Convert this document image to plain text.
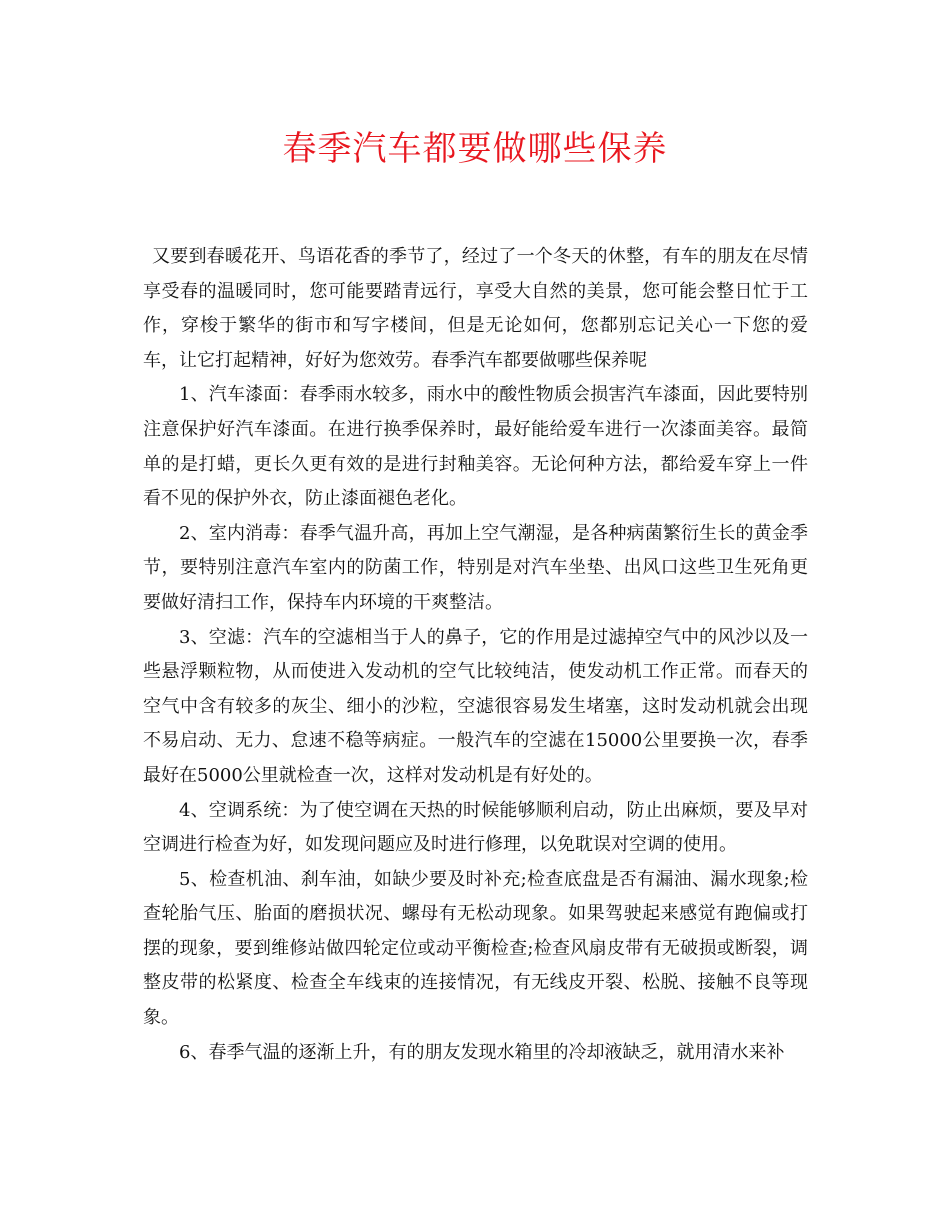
春季汽车都要做哪些保养

又要到春暖花开、鸟语花香的季节了，经过了一个冬天的休整，有车的朋友在尽情享受春的温暖同时，您可能要踏青远行，享受大自然的美景，您可能会整日忙于工作，穿梭于繁华的街市和写字楼间，但是无论如何，您都别忘记关心一下您的爱车，让它打起精神，好好为您效劳。春季汽车都要做哪些保养呢

1、汽车漆面：春季雨水较多，雨水中的酸性物质会损害汽车漆面，因此要特别注意保护好汽车漆面。在进行换季保养时，最好能给爱车进行一次漆面美容。最简单的是打蜡，更长久更有效的是进行封釉美容。无论何种方法，都给爱车穿上一件看不见的保护外衣，防止漆面褪色老化。

2、室内消毒：春季气温升高，再加上空气潮湿，是各种病菌繁衍生长的黄金季节，要特别注意汽车室内的防菌工作，特别是对汽车坐垫、出风口这些卫生死角更要做好清扫工作，保持车内环境的干爽整洁。

3、空滤：汽车的空滤相当于人的鼻子，它的作用是过滤掉空气中的风沙以及一些悬浮颗粒物，从而使进入发动机的空气比较纯洁，使发动机工作正常。而春天的空气中含有较多的灰尘、细小的沙粒，空滤很容易发生堵塞，这时发动机就会出现不易启动、无力、怠速不稳等病症。一般汽车的空滤在15000公里要换一次，春季最好在5000公里就检查一次，这样对发动机是有好处的。

4、空调系统：为了使空调在天热的时候能够顺利启动，防止出麻烦，要及早对空调进行检查为好，如发现问题应及时进行修理，以免耽误对空调的使用。

5、检查机油、刹车油，如缺少要及时补充;检查底盘是否有漏油、漏水现象;检查轮胎气压、胎面的磨损状况、螺母有无松动现象。如果驾驶起来感觉有跑偏或打摆的现象，要到维修站做四轮定位或动平衡检查;检查风扇皮带有无破损或断裂，调整皮带的松紧度、检查全车线束的连接情况，有无线皮开裂、松脱、接触不良等现象。

6、春季气温的逐渐上升，有的朋友发现水箱里的冷却液缺乏，就用清水来补
